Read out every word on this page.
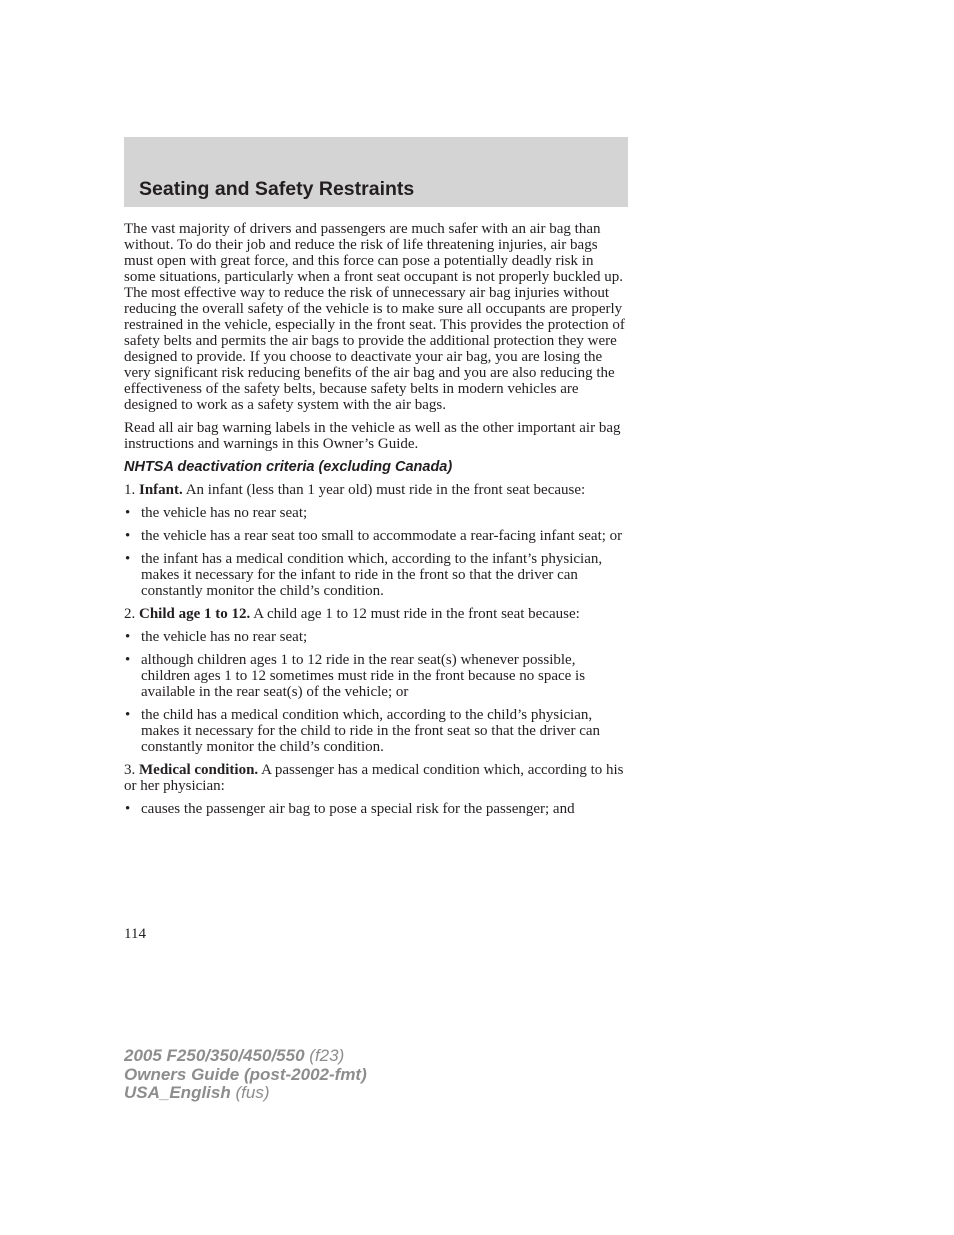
Seating and Safety Restraints

The vast majority of drivers and passengers are much safer with an air bag than without. To do their job and reduce the risk of life threatening injuries, air bags must open with great force, and this force can pose a potentially deadly risk in some situations, particularly when a front seat occupant is not properly buckled up. The most effective way to reduce the risk of unnecessary air bag injuries without reducing the overall safety of the vehicle is to make sure all occupants are properly restrained in the vehicle, especially in the front seat. This provides the protection of safety belts and permits the air bags to provide the additional protection they were designed to provide. If you choose to deactivate your air bag, you are losing the very significant risk reducing benefits of the air bag and you are also reducing the effectiveness of the safety belts, because safety belts in modern vehicles are designed to work as a safety system with the air bags.

Read all air bag warning labels in the vehicle as well as the other important air bag instructions and warnings in this Owner’s Guide.

NHTSA deactivation criteria (excluding Canada)

1. Infant. An infant (less than 1 year old) must ride in the front seat because:

• the vehicle has no rear seat;
• the vehicle has a rear seat too small to accommodate a rear-facing infant seat; or
• the infant has a medical condition which, according to the infant’s physician, makes it necessary for the infant to ride in the front so that the driver can constantly monitor the child’s condition.

2. Child age 1 to 12. A child age 1 to 12 must ride in the front seat because:

• the vehicle has no rear seat;
• although children ages 1 to 12 ride in the rear seat(s) whenever possible, children ages 1 to 12 sometimes must ride in the front because no space is available in the rear seat(s) of the vehicle; or
• the child has a medical condition which, according to the child’s physician, makes it necessary for the child to ride in the front seat so that the driver can constantly monitor the child’s condition.

3. Medical condition. A passenger has a medical condition which, according to his or her physician:

• causes the passenger air bag to pose a special risk for the passenger; and
114
2005 F250/350/450/550 (f23)
Owners Guide (post-2002-fmt)
USA_English (fus)
